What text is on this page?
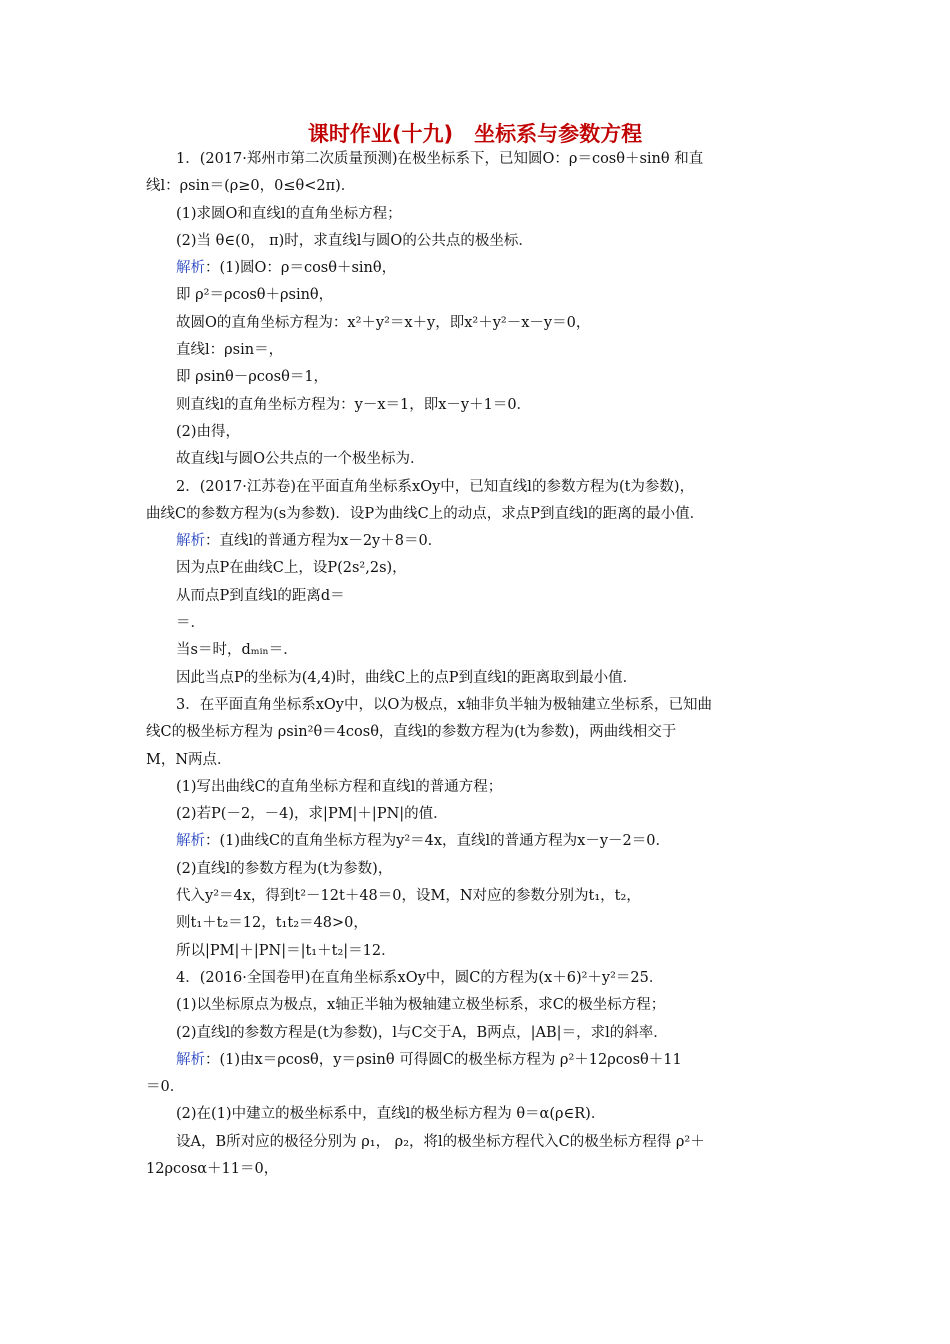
课时作业(十九)　坐标系与参数方程
1．(2017·郑州市第二次质量预测)在极坐标系下，已知圆O：ρ＝cosθ＋sinθ 和直
线l：ρsin＝(ρ≥0，0≤θ<2π)．
(1)求圆O和直线l的直角坐标方程；
(2)当 θ∈(0， π)时，求直线l与圆O的公共点的极坐标．
解析：(1)圆O：ρ＝cosθ＋sinθ，
即 ρ²＝ρcosθ＋ρsinθ，
故圆O的直角坐标方程为：x²＋y²＝x＋y，即x²＋y²－x－y＝0，
直线l：ρsin＝，
即 ρsinθ－ρcosθ＝1，
则直线l的直角坐标方程为：y－x＝1，即x－y＋1＝0．
(2)由得，
故直线l与圆O公共点的一个极坐标为．
2．(2017·江苏卷)在平面直角坐标系xOy中，已知直线l的参数方程为(t为参数)，
曲线C的参数方程为(s为参数)．设P为曲线C上的动点，求点P到直线l的距离的最小值．
解析：直线l的普通方程为x－2y＋8＝0．
因为点P在曲线C上，设P(2s²,2s)，
从而点P到直线l的距离d＝
＝．
当s＝时，dₘᵢₙ＝．
因此当点P的坐标为(4,4)时，曲线C上的点P到直线l的距离取到最小值．
3．在平面直角坐标系xOy中，以O为极点，x轴非负半轴为极轴建立坐标系，已知曲
线C的极坐标方程为 ρsin²θ＝4cosθ，直线l的参数方程为(t为参数)，两曲线相交于
M，N两点．
(1)写出曲线C的直角坐标方程和直线l的普通方程；
(2)若P(－2，－4)，求|PM|＋|PN|的值．
解析：(1)曲线C的直角坐标方程为y²＝4x，直线l的普通方程为x－y－2＝0．
(2)直线l的参数方程为(t为参数)，
代入y²＝4x，得到t²－12t＋48＝0，设M，N对应的参数分别为t₁，t₂，
则t₁＋t₂＝12，t₁t₂＝48>0，
所以|PM|＋|PN|＝|t₁＋t₂|＝12．
4．(2016·全国卷甲)在直角坐标系xOy中，圆C的方程为(x＋6)²＋y²＝25．
(1)以坐标原点为极点，x轴正半轴为极轴建立极坐标系，求C的极坐标方程；
(2)直线l的参数方程是(t为参数)，l与C交于A，B两点，|AB|＝，求l的斜率．
解析：(1)由x＝ρcosθ，y＝ρsinθ 可得圆C的极坐标方程为 ρ²＋12ρcosθ＋11
＝0．
(2)在(1)中建立的极坐标系中，直线l的极坐标方程为 θ＝α(ρ∈R)．
设A，B所对应的极径分别为 ρ₁， ρ₂，将l的极坐标方程代入C的极坐标方程得 ρ²＋
12ρcosα＋11＝0，
